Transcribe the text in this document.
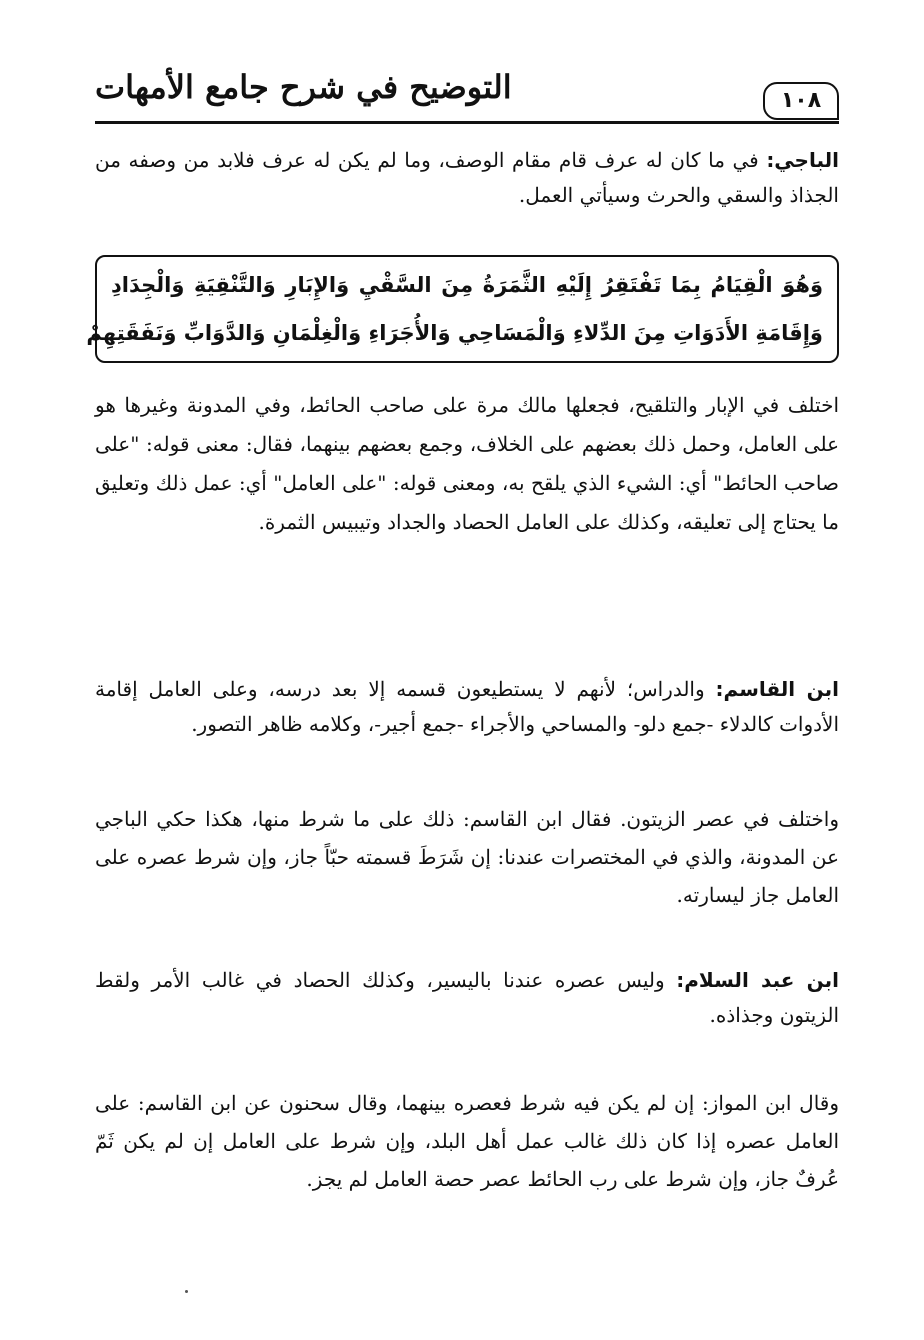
١٠٨
التوضيح في شرح جامع الأمهات
الباجي: في ما كان له عرف قام مقام الوصف، وما لم يكن له عرف فلابد من وصفه من الجذاذ والسقي والحرث وسيأتي العمل.
وَهُوَ الْقِيَامُ بِمَا تَفْتَقِرُ إِلَيْهِ الثَّمَرَةُ مِنَ السَّقْيِ وَالإِبَارِ وَالتَّنْقِيَةِ وَالْجِدَادِ
وَإِقَامَةِ الأَدَوَاتِ مِنَ الدِّلاءِ وَالْمَسَاحِي وَالأُجَرَاءِ وَالْغِلْمَانِ وَالدَّوَابِّ وَنَفَقَتِهِمْ
اختلف في الإبار والتلقيح، فجعلها مالك مرة على صاحب الحائط، وفي المدونة وغيرها هو على العامل، وحمل ذلك بعضهم على الخلاف، وجمع بعضهم بينهما، فقال: معنى قوله: "على صاحب الحائط" أي: الشيء الذي يلقح به، ومعنى قوله: "على العامل" أي: عمل ذلك وتعليق ما يحتاج إلى تعليقه، وكذلك على العامل الحصاد والجداد وتيبيس الثمرة.
ابن القاسم: والدراس؛ لأنهم لا يستطيعون قسمه إلا بعد درسه، وعلى العامل إقامة الأدوات كالدلاء -جمع دلو- والمساحي والأجراء -جمع أجير-، وكلامه ظاهر التصور.
واختلف في عصر الزيتون. فقال ابن القاسم: ذلك على ما شرط منها، هكذا حكي الباجي عن المدونة، والذي في المختصرات عندنا: إن شَرَطَ قسمته حبّاً جاز، وإن شرط عصره على العامل جاز ليسارته.
ابن عبد السلام: وليس عصره عندنا باليسير، وكذلك الحصاد في غالب الأمر ولقط الزيتون وجذاذه.
وقال ابن المواز: إن لم يكن فيه شرط فعصره بينهما، وقال سحنون عن ابن القاسم: على العامل عصره إذا كان ذلك غالب عمل أهل البلد، وإن شرط على العامل إن لم يكن ثَمّ عُرفٌ جاز، وإن شرط على رب الحائط عصر حصة العامل لم يجز.
